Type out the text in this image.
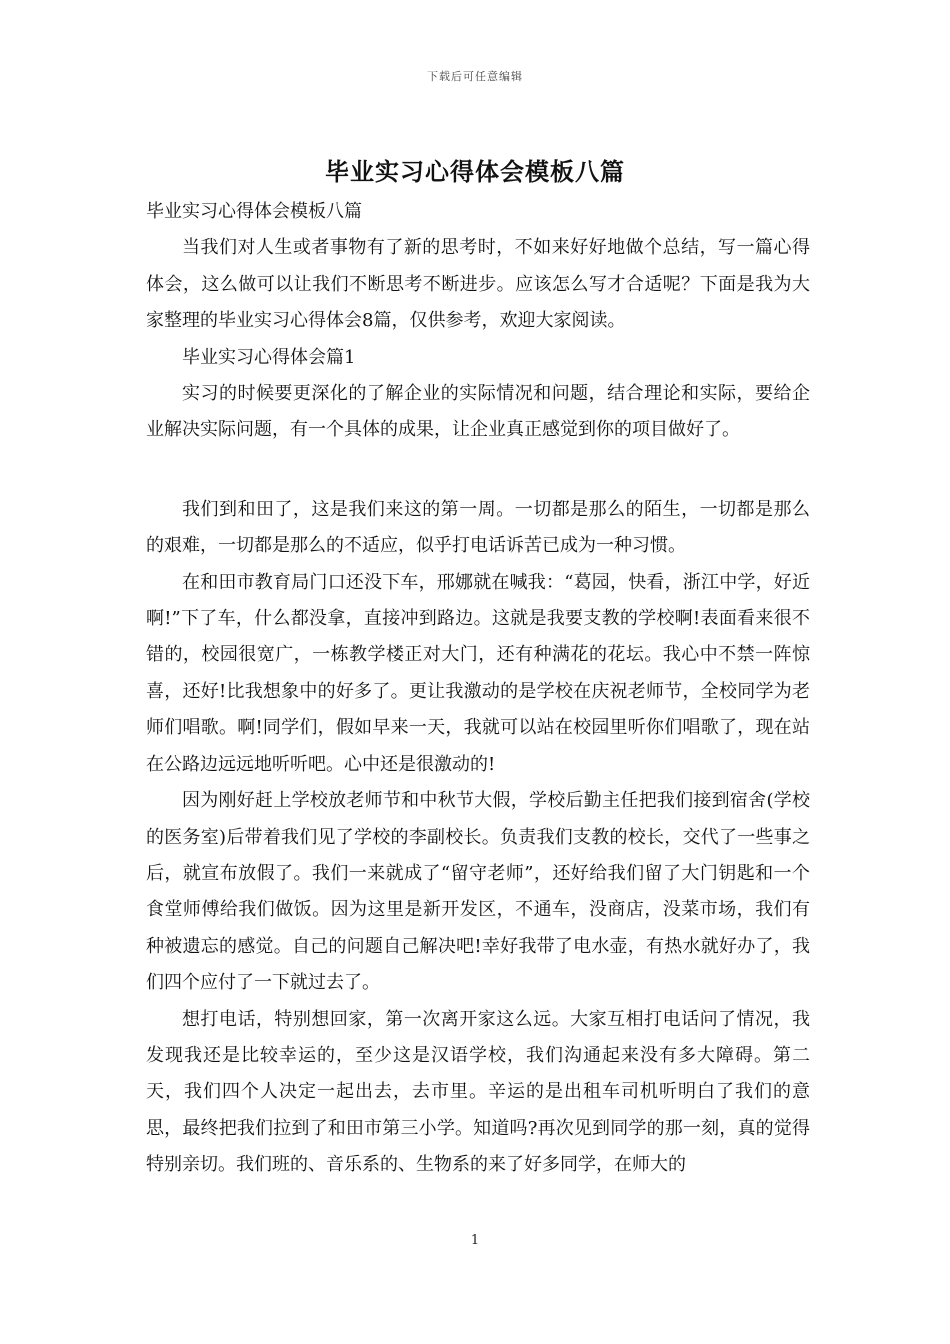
下载后可任意编辑
毕业实习心得体会模板八篇

毕业实习心得体会模板八篇

当我们对人生或者事物有了新的思考时，不如来好好地做个总结，写一篇心得体会，这么做可以让我们不断思考不断进步。应该怎么写才合适呢？下面是我为大家整理的毕业实习心得体会8篇，仅供参考，欢迎大家阅读。

毕业实习心得体会篇1

实习的时候要更深化的了解企业的实际情况和问题，结合理论和实际，要给企业解决实际问题，有一个具体的成果，让企业真正感觉到你的项目做好了。

我们到和田了，这是我们来这的第一周。一切都是那么的陌生，一切都是那么的艰难，一切都是那么的不适应，似乎打电话诉苦已成为一种习惯。

在和田市教育局门口还没下车，邢娜就在喊我：“葛园，快看，浙江中学，好近啊!”下了车，什么都没拿，直接冲到路边。这就是我要支教的学校啊!表面看来很不错的，校园很宽广，一栋教学楼正对大门，还有种满花的花坛。我心中不禁一阵惊喜，还好!比我想象中的好多了。更让我激动的是学校在庆祝老师节，全校同学为老师们唱歌。啊!同学们，假如早来一天，我就可以站在校园里听你们唱歌了，现在站在公路边远远地听听吧。心中还是很激动的!

因为刚好赶上学校放老师节和中秋节大假，学校后勤主任把我们接到宿舍(学校的医务室)后带着我们见了学校的李副校长。负责我们支教的校长，交代了一些事之后，就宣布放假了。我们一来就成了“留守老师”，还好给我们留了大门钥匙和一个食堂师傅给我们做饭。因为这里是新开发区，不通车，没商店，没菜市场，我们有种被遗忘的感觉。自己的问题自己解决吧!幸好我带了电水壶，有热水就好办了，我们四个应付了一下就过去了。

想打电话，特别想回家，第一次离开家这么远。大家互相打电话问了情况，我发现我还是比较幸运的，至少这是汉语学校，我们沟通起来没有多大障碍。第二天，我们四个人决定一起出去，去市里。辛运的是出租车司机听明白了我们的意思，最终把我们拉到了和田市第三小学。知道吗?再次见到同学的那一刻，真的觉得特别亲切。我们班的、音乐系的、生物系的来了好多同学，在师大的

1
